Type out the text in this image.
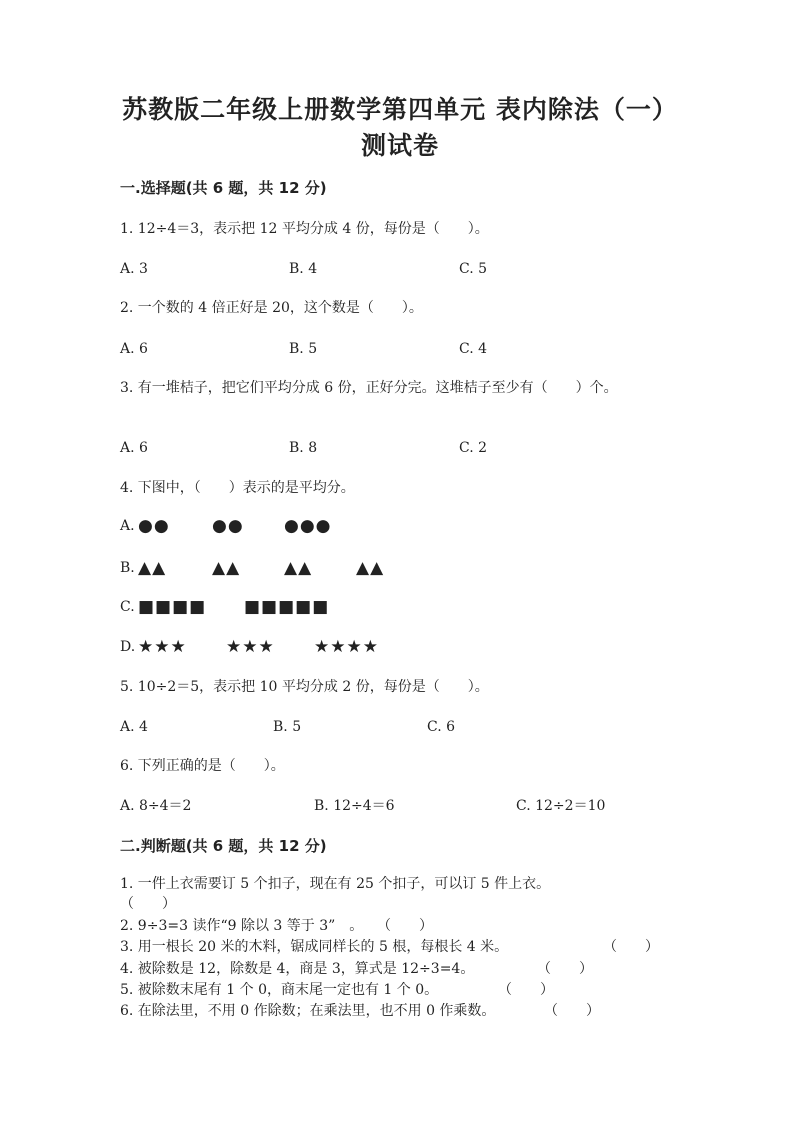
苏教版二年级上册数学第四单元 表内除法（一）
测试卷
一.选择题(共 6 题，共 12 分)
1. 12÷4＝3，表示把 12 平均分成 4 份，每份是（　　）。
A. 3	B. 4	C. 5
2. 一个数的 4 倍正好是 20，这个数是（　　）。
A. 6	B. 5	C. 4
3. 有一堆桔子，把它们平均分成 6 份，正好分完。这堆桔子至少有（　　）个。
A. 6	B. 8	C. 2
4. 下图中，（　　）表示的是平均分。
A. ●● ●● ●●●
B. ▲▲	▲▲	▲▲	▲▲
C. ■■■■ ■■■■■
D. ★★★ ★★★ ★★★★
5. 10÷2＝5，表示把 10 平均分成 2 份，每份是（　　）。
A. 4	B. 5	C. 6
6. 下列正确的是（　　）。
A. 8÷4＝2	B. 12÷4＝6	C. 12÷2＝10
二.判断题(共 6 题，共 12 分)
1. 一件上衣需要订 5 个扣子，现在有 25 个扣子，可以订 5 件上衣。
（　　）
2. 9÷3=3 读作“9 除以 3 等于 3”　。 （　　）
3. 用一根长 20 米的木料，锯成同样长的 5 根，每根长 4 米。	（　　）
4. 被除数是 12，除数是 4，商是 3，算式是 12÷3=4。	（　　）
5. 被除数末尾有 1 个 0，商末尾一定也有 1 个 0。	（　　）
6. 在除法里，不用 0 作除数；在乘法里，也不用 0 作乘数。	（　　）
